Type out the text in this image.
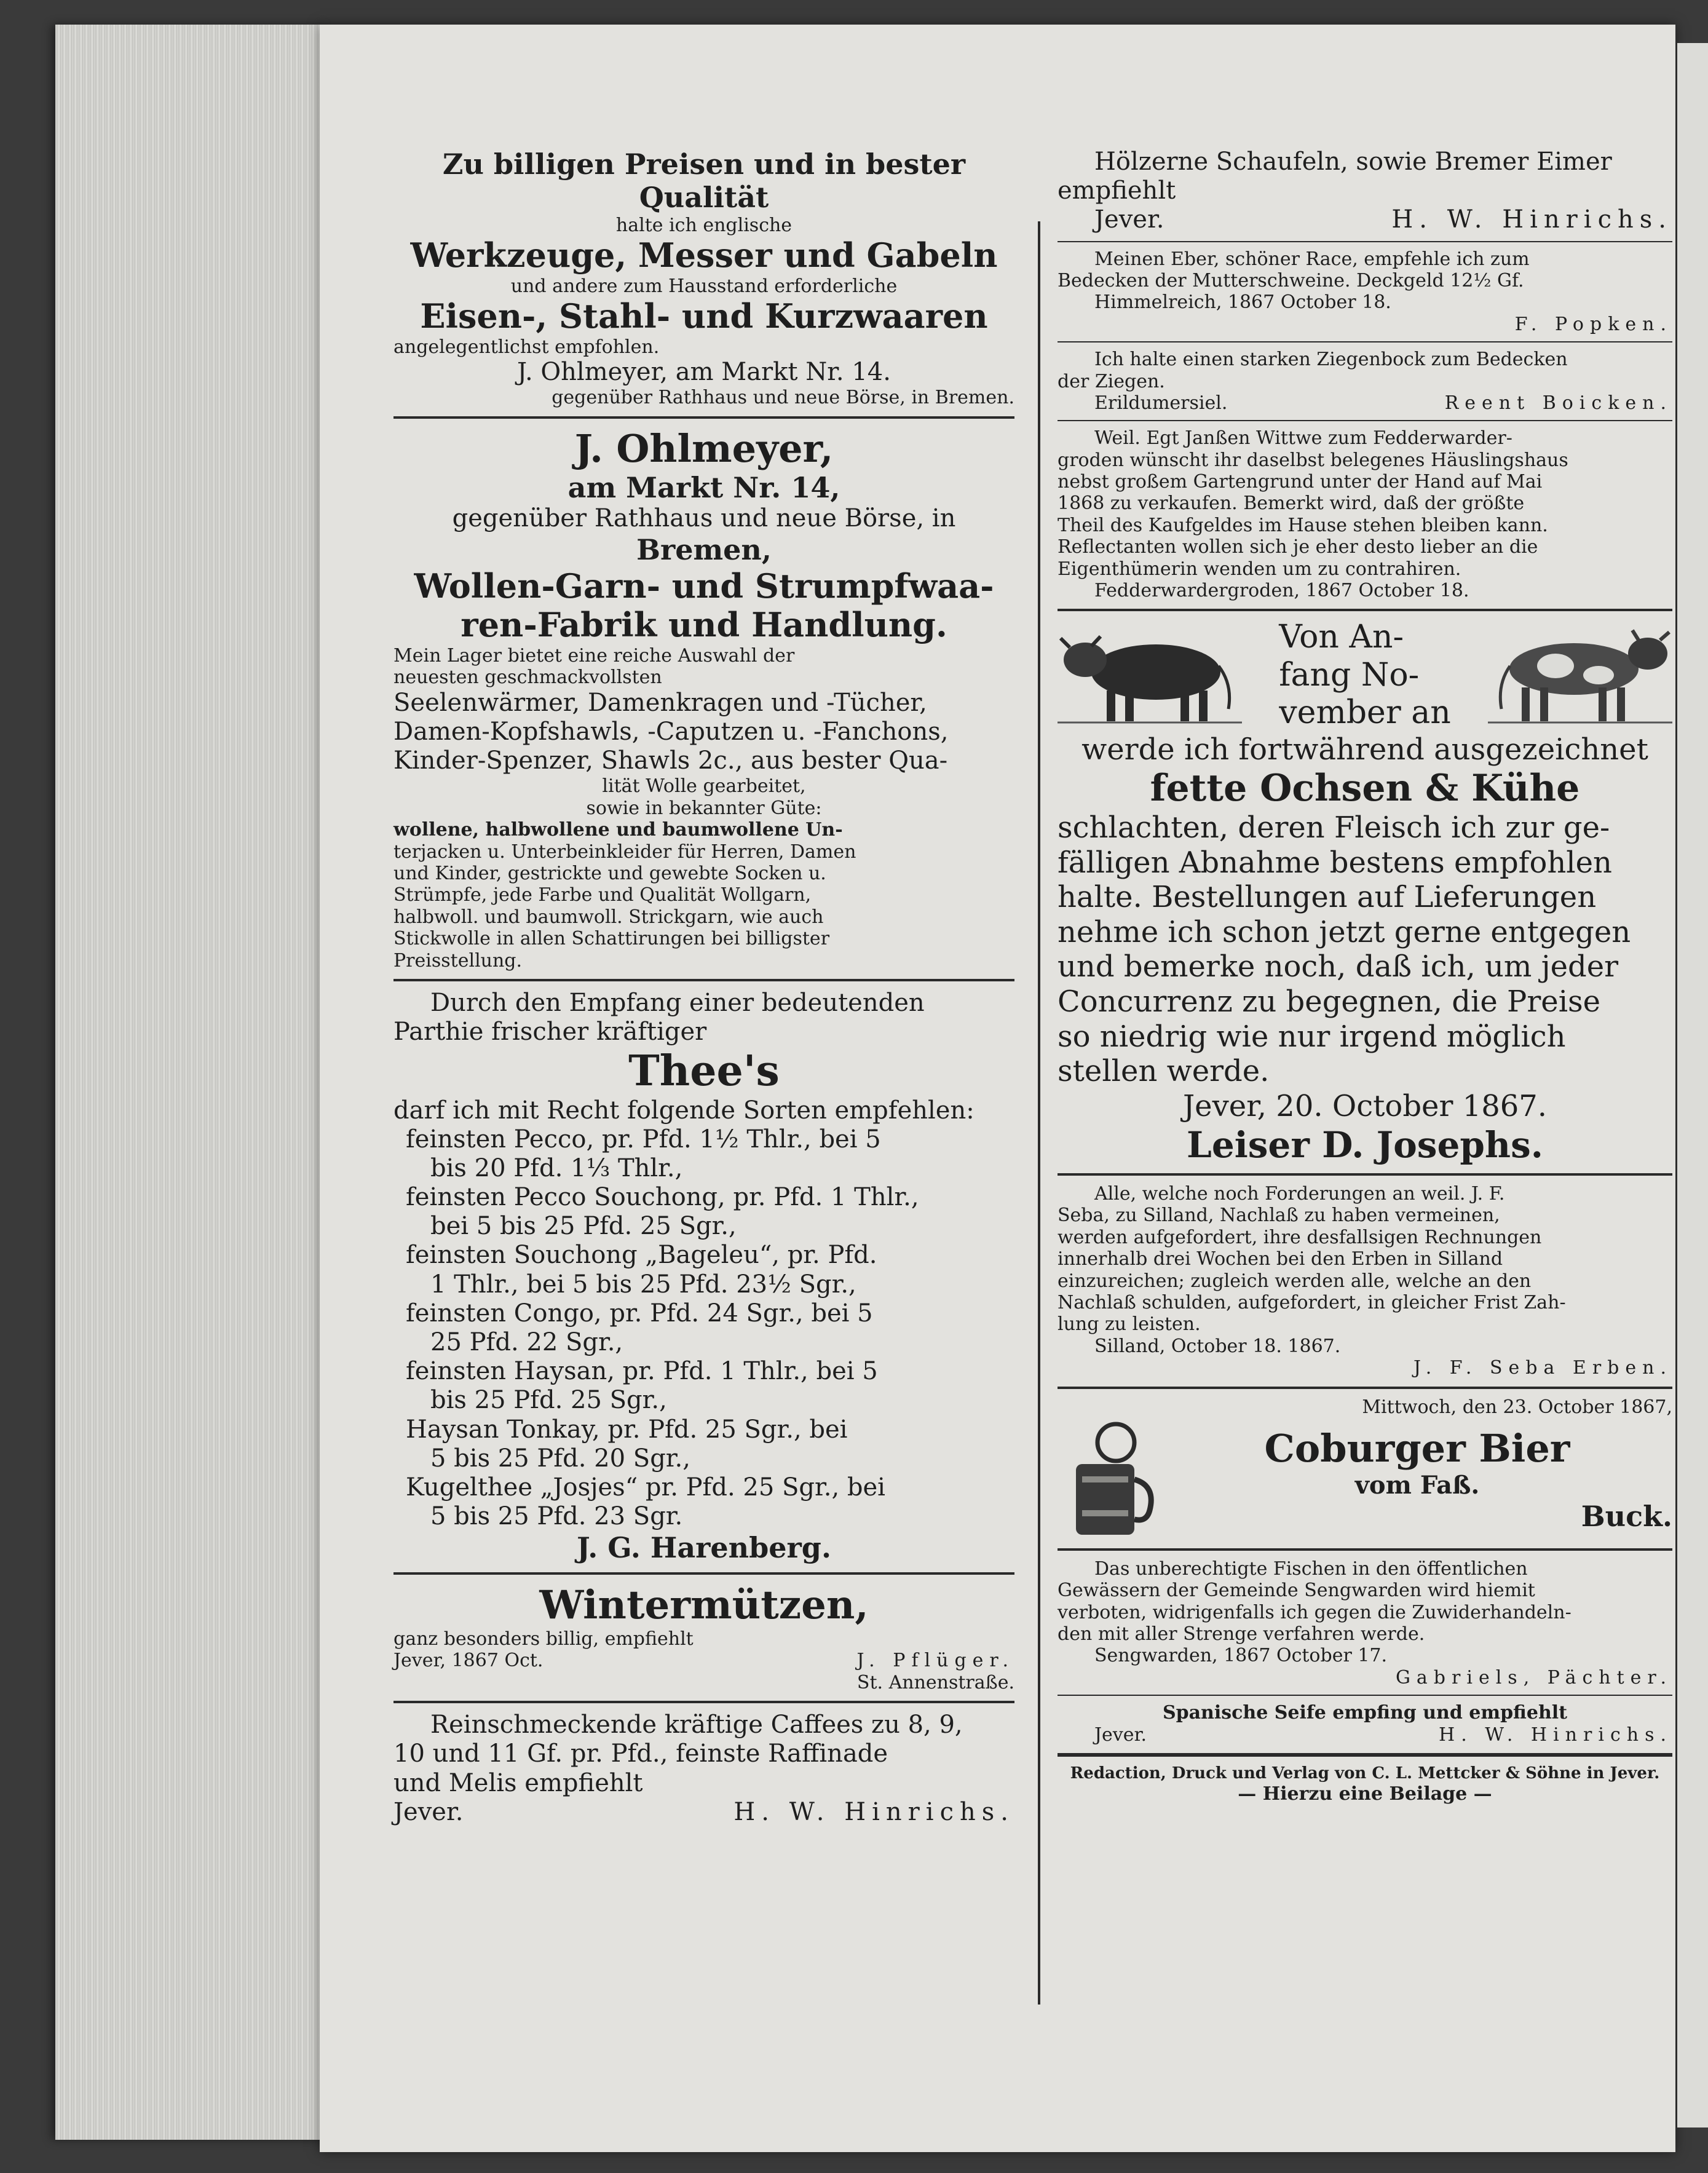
Zu billigen Preisen und in bester
Qualität
halte ich englische
Werkzeuge, Messer und Gabeln
und andere zum Hausstand erforderliche
Eisen-, Stahl- und Kurzwaaren
angelegentlichst empfohlen.
J. Ohlmeyer, am Markt Nr. 14.
gegenüber Rathhaus und neue Börse, in Bremen.
J. Ohlmeyer,
am Markt Nr. 14,
gegenüber Rathhaus und neue Börse, in
Bremen,
Wollen-Garn- und Strumpfwaa-
ren-Fabrik und Handlung.
Mein Lager bietet eine reiche Auswahl der
neuesten geschmackvollsten
Seelenwärmer, Damenkragen und -Tücher,
Damen-Kopfshawls, -Caputzen u. -Fanchons,
Kinder-Spenzer, Shawls 2c., aus bester Qua-
lität Wolle gearbeitet,
sowie in bekannter Güte:
wollene, halbwollene und baumwollene Un-
terjacken u. Unterbeinkleider für Herren, Damen
und Kinder, gestrickte und gewebte Socken u.
Strümpfe, jede Farbe und Qualität Wollgarn,
halbwoll. und baumwoll. Strickgarn, wie auch
Stickwolle in allen Schattirungen bei billigster
Preisstellung.
Durch den Empfang einer bedeutenden
Parthie frischer kräftiger
Thee's
darf ich mit Recht folgende Sorten empfehlen:
feinsten Pecco, pr. Pfd. 1½ Thlr., bei 5
bis 20 Pfd. 1⅓ Thlr.,
feinsten Pecco Souchong, pr. Pfd. 1 Thlr.,
bei 5 bis 25 Pfd. 25 Sgr.,
feinsten Souchong „Bageleu“, pr. Pfd.
1 Thlr., bei 5 bis 25 Pfd. 23½ Sgr.,
feinsten Congo, pr. Pfd. 24 Sgr., bei 5
25 Pfd. 22 Sgr.,
feinsten Haysan, pr. Pfd. 1 Thlr., bei 5
bis 25 Pfd. 25 Sgr.,
Haysan Tonkay, pr. Pfd. 25 Sgr., bei
5 bis 25 Pfd. 20 Sgr.,
Kugelthee „Josjes“ pr. Pfd. 25 Sgr., bei
5 bis 25 Pfd. 23 Sgr.
J. G. Harenberg.
Wintermützen,
ganz besonders billig, empfiehlt
Jever, 1867 Oct.	J. Pflüger.
St. Annenstraße.
Reinschmeckende kräftige Caffees zu 8, 9,
10 und 11 Gf. pr. Pfd., feinste Raffinade
und Melis empfiehlt
Jever.	H. W. Hinrichs.
Hölzerne Schaufeln, sowie Bremer Eimer
empfiehlt
Jever.	H. W. Hinrichs.
Meinen Eber, schöner Race, empfehle ich zum
Bedecken der Mutterschweine. Deckgeld 12½ Gf.
Himmelreich, 1867 October 18.
F. Popken.
Ich halte einen starken Ziegenbock zum Bedecken
der Ziegen.
Erildumersiel.	Reent Boicken.
Weil. Egt Janßen Wittwe zum Fedderwarder-
groden wünscht ihr daselbst belegenes Häuslingshaus
nebst großem Gartengrund unter der Hand auf Mai
1868 zu verkaufen. Bemerkt wird, daß der größte
Theil des Kaufgeldes im Hause stehen bleiben kann.
Reflectanten wollen sich je eher desto lieber an die
Eigenthümerin wenden um zu contrahiren.
Fedderwardergroden, 1867 October 18.
Von An-
fang No-
vember an
werde ich fortwährend ausgezeichnet
fette Ochsen & Kühe
schlachten, deren Fleisch ich zur ge-
fälligen Abnahme bestens empfohlen
halte. Bestellungen auf Lieferungen
nehme ich schon jetzt gerne entgegen
und bemerke noch, daß ich, um jeder
Concurrenz zu begegnen, die Preise
so niedrig wie nur irgend möglich
stellen werde.
Jever, 20. October 1867.
Leiser D. Josephs.
Alle, welche noch Forderungen an weil. J. F.
Seba, zu Silland, Nachlaß zu haben vermeinen,
werden aufgefordert, ihre desfallsigen Rechnungen
innerhalb drei Wochen bei den Erben in Silland
einzureichen; zugleich werden alle, welche an den
Nachlaß schulden, aufgefordert, in gleicher Frist Zah-
lung zu leisten.
Silland, October 18. 1867.
J. F. Seba Erben.
Mittwoch, den 23. October 1867,
Coburger Bier
vom Faß.
Buck.
Das unberechtigte Fischen in den öffentlichen
Gewässern der Gemeinde Sengwarden wird hiemit
verboten, widrigenfalls ich gegen die Zuwiderhandeln-
den mit aller Strenge verfahren werde.
Sengwarden, 1867 October 17.
Gabriels, Pächter.
Spanische Seife empfing und empfiehlt
Jever.	H. W. Hinrichs.
Redaction, Druck und Verlag von C. L. Mettcker & Söhne in Jever.
— Hierzu eine Beilage —
